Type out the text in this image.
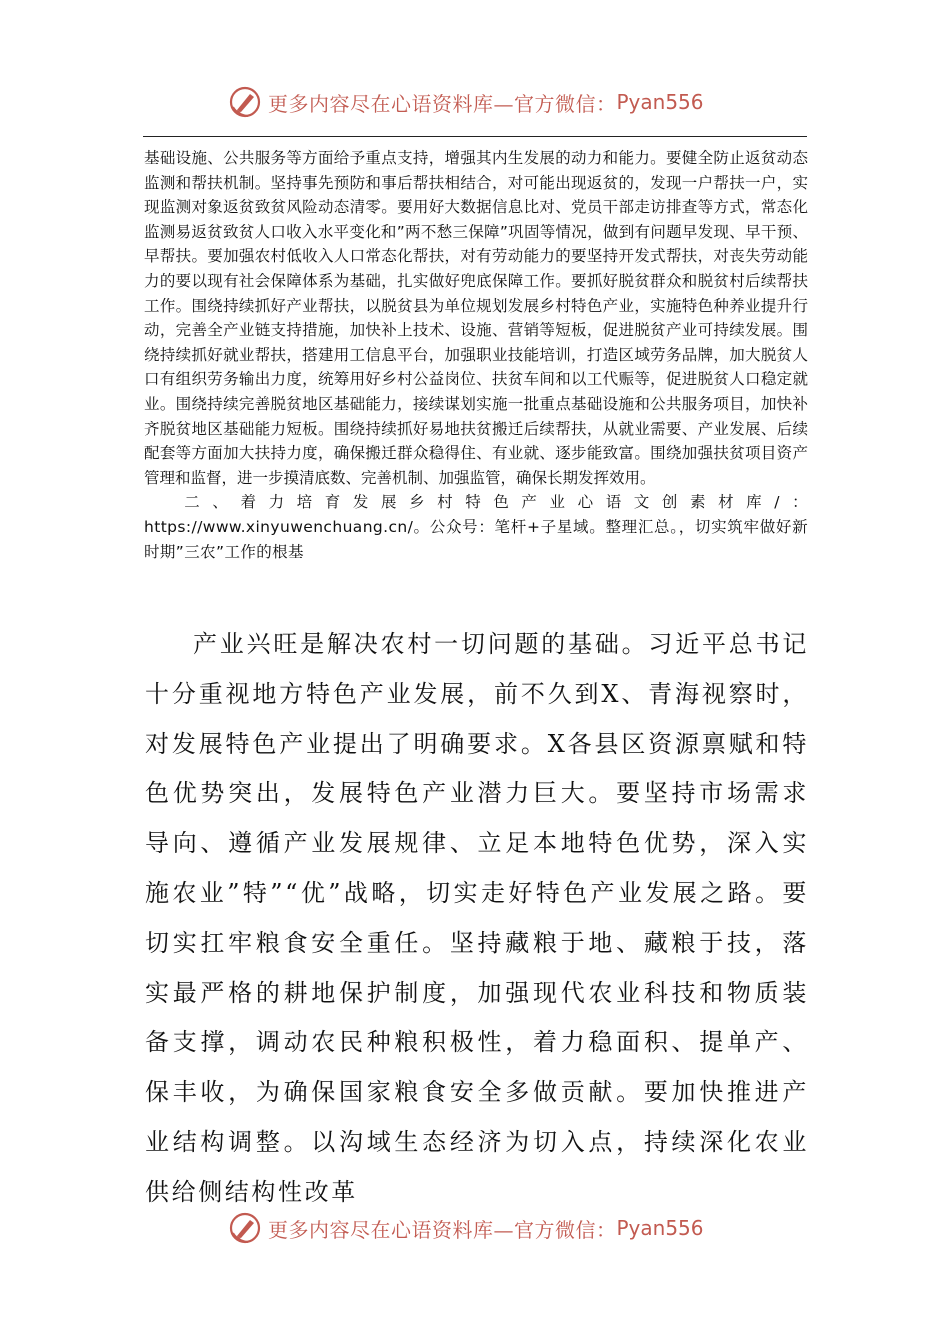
更多内容尽在心语资料库—官方微信： Pyan556

基础设施、公共服务等方面给予重点支持，增强其内生发展的动力和能力。要健全防止返贫动态监测和帮扶机制。坚持事先预防和事后帮扶相结合，对可能出现返贫的，发现一户帮扶一户，实现监测对象返贫致贫风险动态清零。要用好大数据信息比对、党员干部走访排查等方式，常态化监测易返贫致贫人口收入水平变化和”两不愁三保障”巩固等情况，做到有问题早发现、早干预、早帮扶。要加强农村低收入人口常态化帮扶，对有劳动能力的要坚持开发式帮扶，对丧失劳动能力的要以现有社会保障体系为基础，扎实做好兜底保障工作。要抓好脱贫群众和脱贫村后续帮扶工作。围绕持续抓好产业帮扶，以脱贫县为单位规划发展乡村特色产业，实施特色种养业提升行动，完善全产业链支持措施，加快补上技术、设施、营销等短板，促进脱贫产业可持续发展。围绕持续抓好就业帮扶，搭建用工信息平台，加强职业技能培训，打造区域劳务品牌，加大脱贫人口有组织劳务输出力度，统筹用好乡村公益岗位、扶贫车间和以工代赈等，促进脱贫人口稳定就业。围绕持续完善脱贫地区基础能力，接续谋划实施一批重点基础设施和公共服务项目，加快补齐脱贫地区基础能力短板。围绕持续抓好易地扶贫搬迁后续帮扶，从就业需要、产业发展、后续配套等方面加大扶持力度，确保搬迁群众稳得住、有业就、逐步能致富。围绕加强扶贫项目资产管理和监督，进一步摸清底数、完善机制、加强监管，确保长期发挥效用。

二、着力培育发展乡村特色产业心语文创素材库/：https://www.xinyuwenchuang.cn/。公众号：笔杆+子星域。整理汇总。，切实筑牢做好新时期”三农”工作的根基

产业兴旺是解决农村一切问题的基础。习近平总书记十分重视地方特色产业发展，前不久到X、青海视察时，对发展特色产业提出了明确要求。X各县区资源禀赋和特色优势突出，发展特色产业潜力巨大。要坚持市场需求导向、遵循产业发展规律、立足本地特色优势，深入实施农业”特”“优”战略，切实走好特色产业发展之路。要切实扛牢粮食安全重任。坚持藏粮于地、藏粮于技，落实最严格的耕地保护制度，加强现代农业科技和物质装备支撑，调动农民种粮积极性，着力稳面积、提单产、保丰收，为确保国家粮食安全多做贡献。要加快推进产业结构调整。以沟域生态经济为切入点，持续深化农业供给侧结构性改革

更多内容尽在心语资料库—官方微信： Pyan556
